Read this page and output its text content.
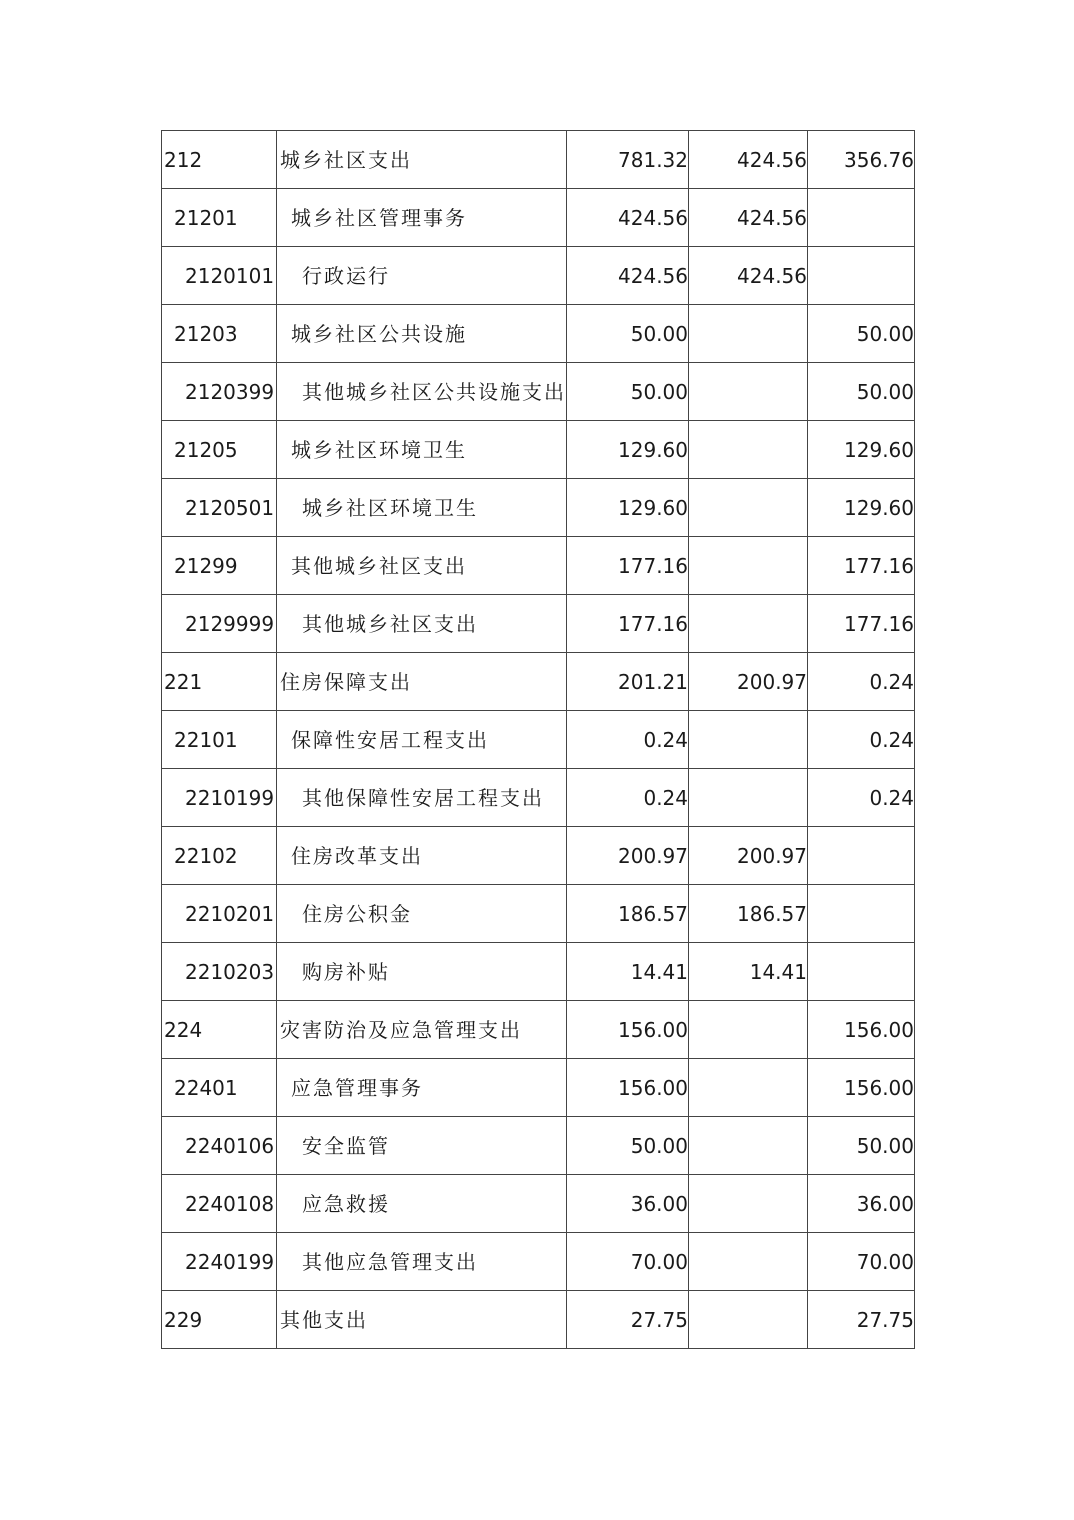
212	城乡社区支出	781.32	424.56	356.76
21201	城乡社区管理事务	424.56	424.56	
2120101	行政运行	424.56	424.56	
21203	城乡社区公共设施	50.00		50.00
2120399	其他城乡社区公共设施支出	50.00		50.00
21205	城乡社区环境卫生	129.60		129.60
2120501	城乡社区环境卫生	129.60		129.60
21299	其他城乡社区支出	177.16		177.16
2129999	其他城乡社区支出	177.16		177.16
221	住房保障支出	201.21	200.97	0.24
22101	保障性安居工程支出	0.24		0.24
2210199	其他保障性安居工程支出	0.24		0.24
22102	住房改革支出	200.97	200.97	
2210201	住房公积金	186.57	186.57	
2210203	购房补贴	14.41	14.41	
224	灾害防治及应急管理支出	156.00		156.00
22401	应急管理事务	156.00		156.00
2240106	安全监管	50.00		50.00
2240108	应急救援	36.00		36.00
2240199	其他应急管理支出	70.00		70.00
229	其他支出	27.75		27.75
